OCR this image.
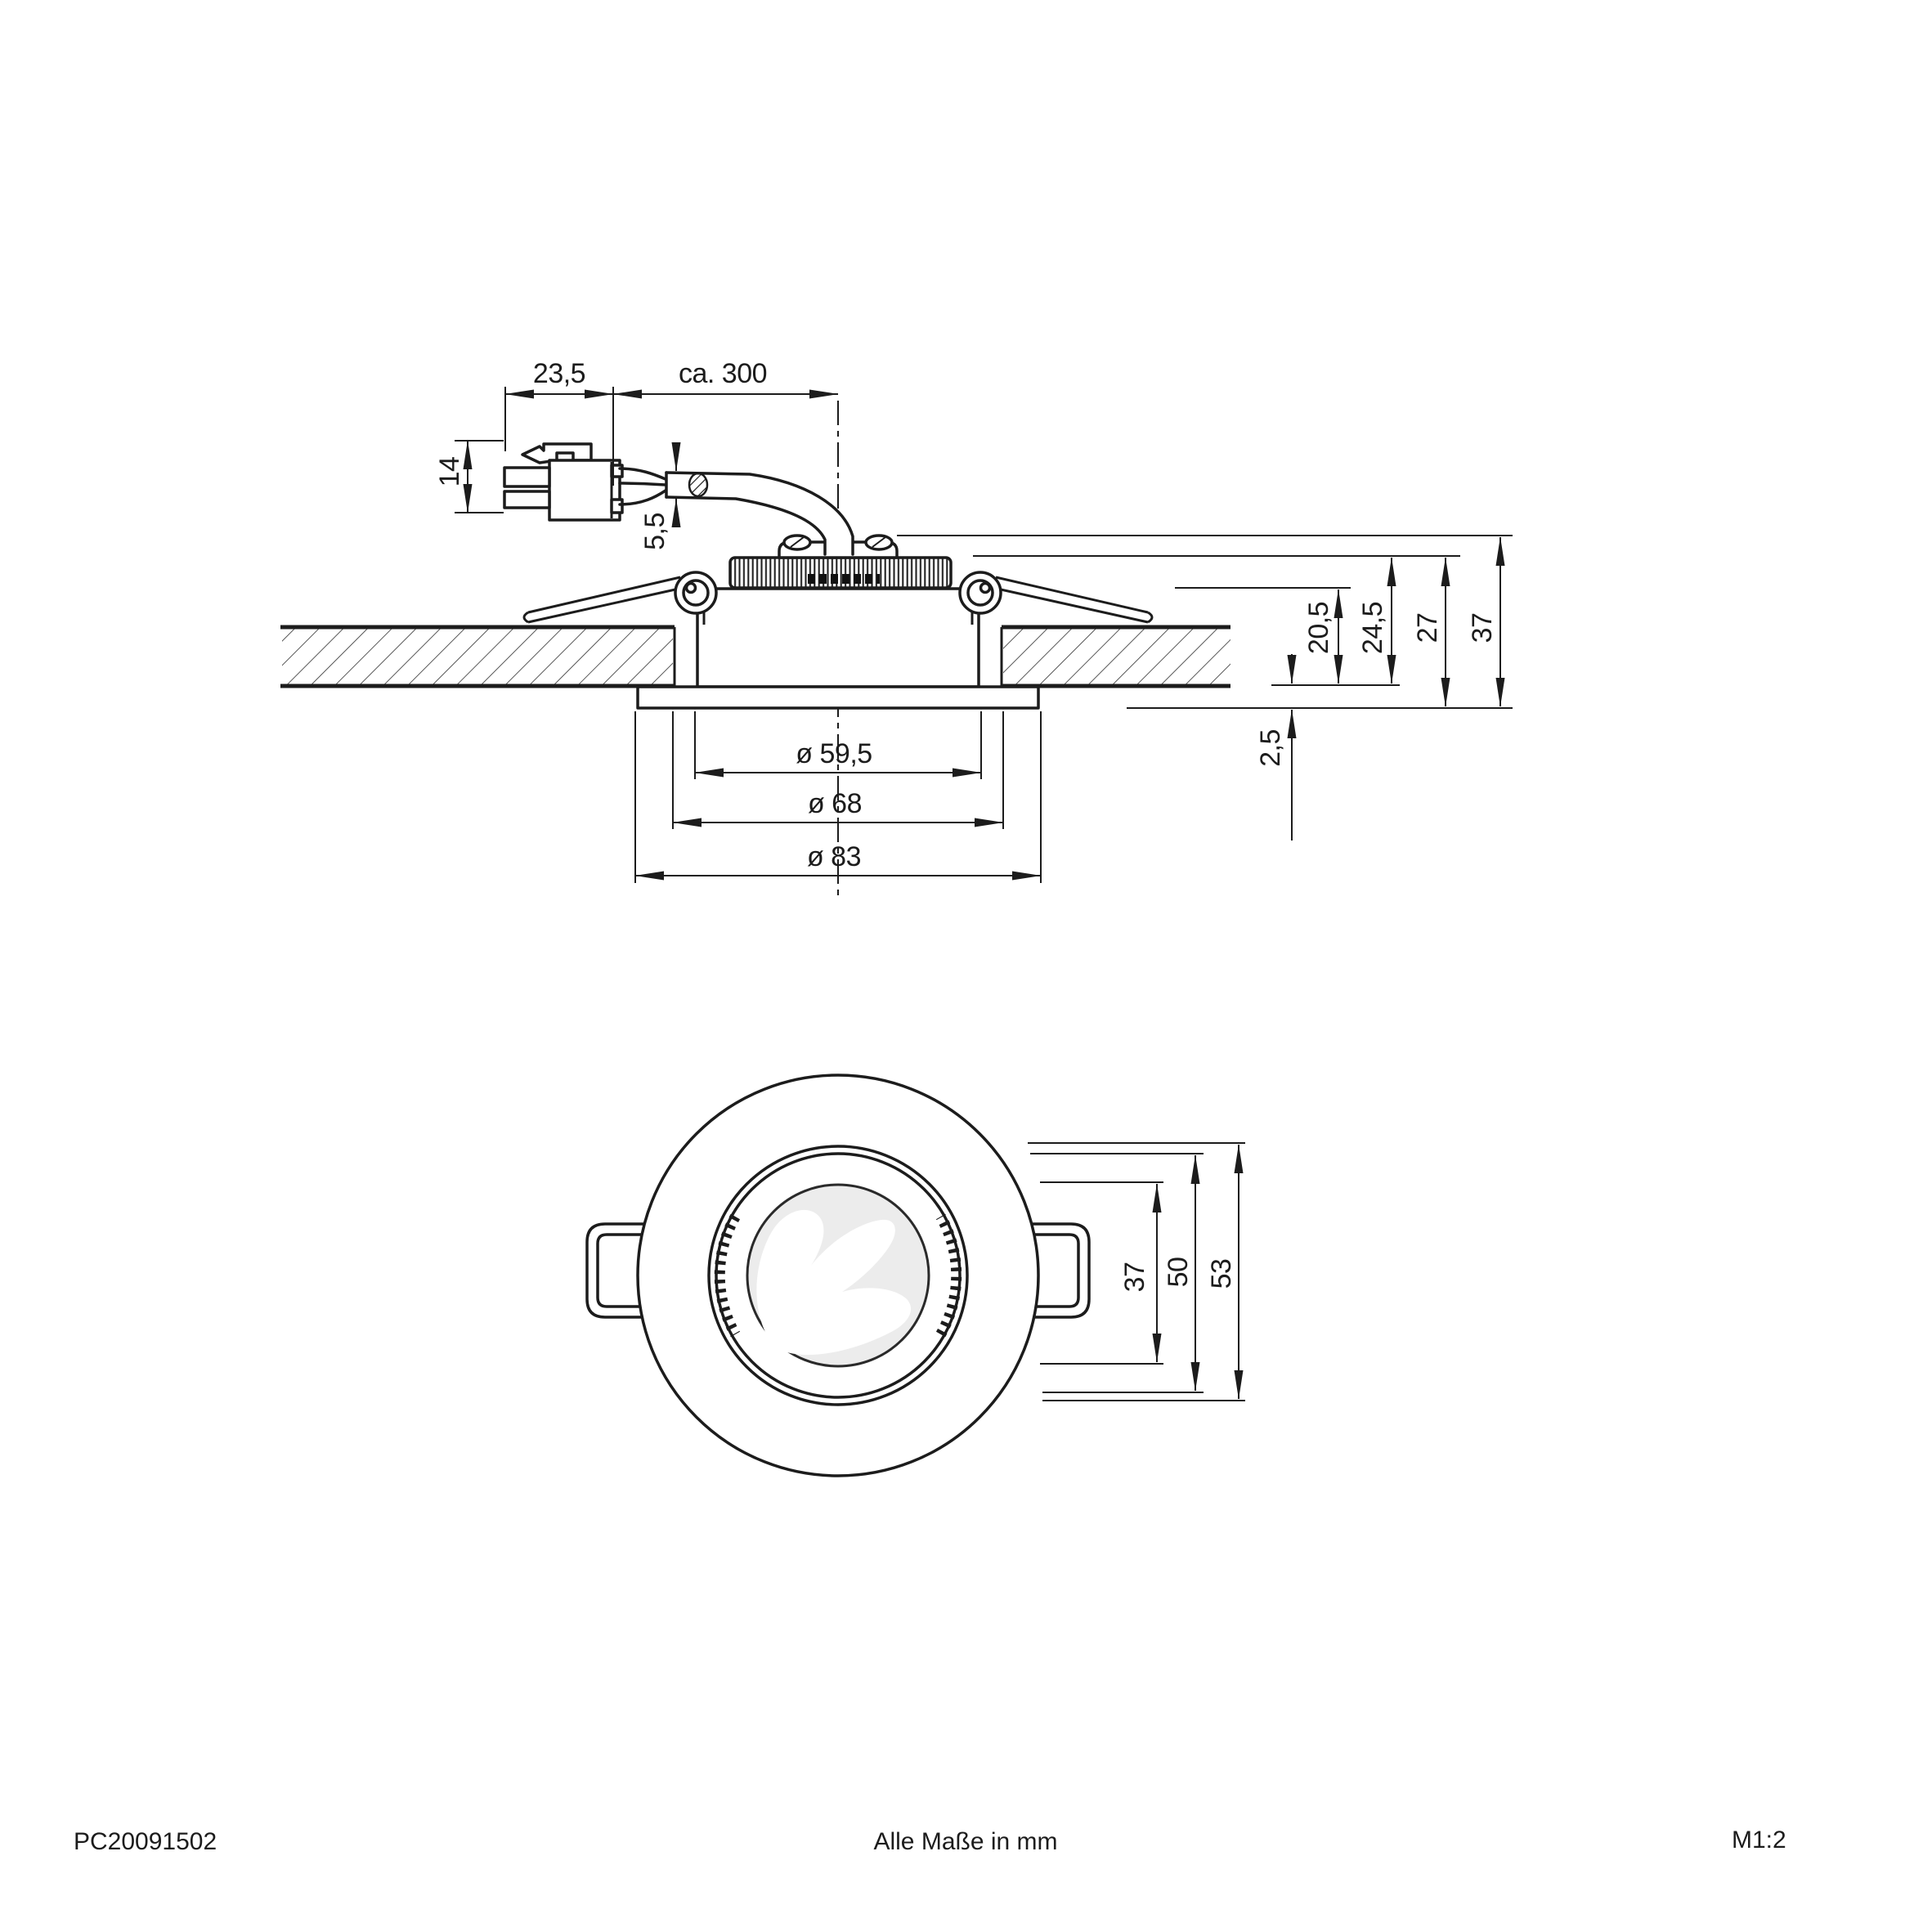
23,5	ca. 300
14
5,5
20,5 24,5 27 37
2,5
ø 59,5
ø 68
ø 83
37 50 53
PC20091502	Alle Maße in mm	M1:2
